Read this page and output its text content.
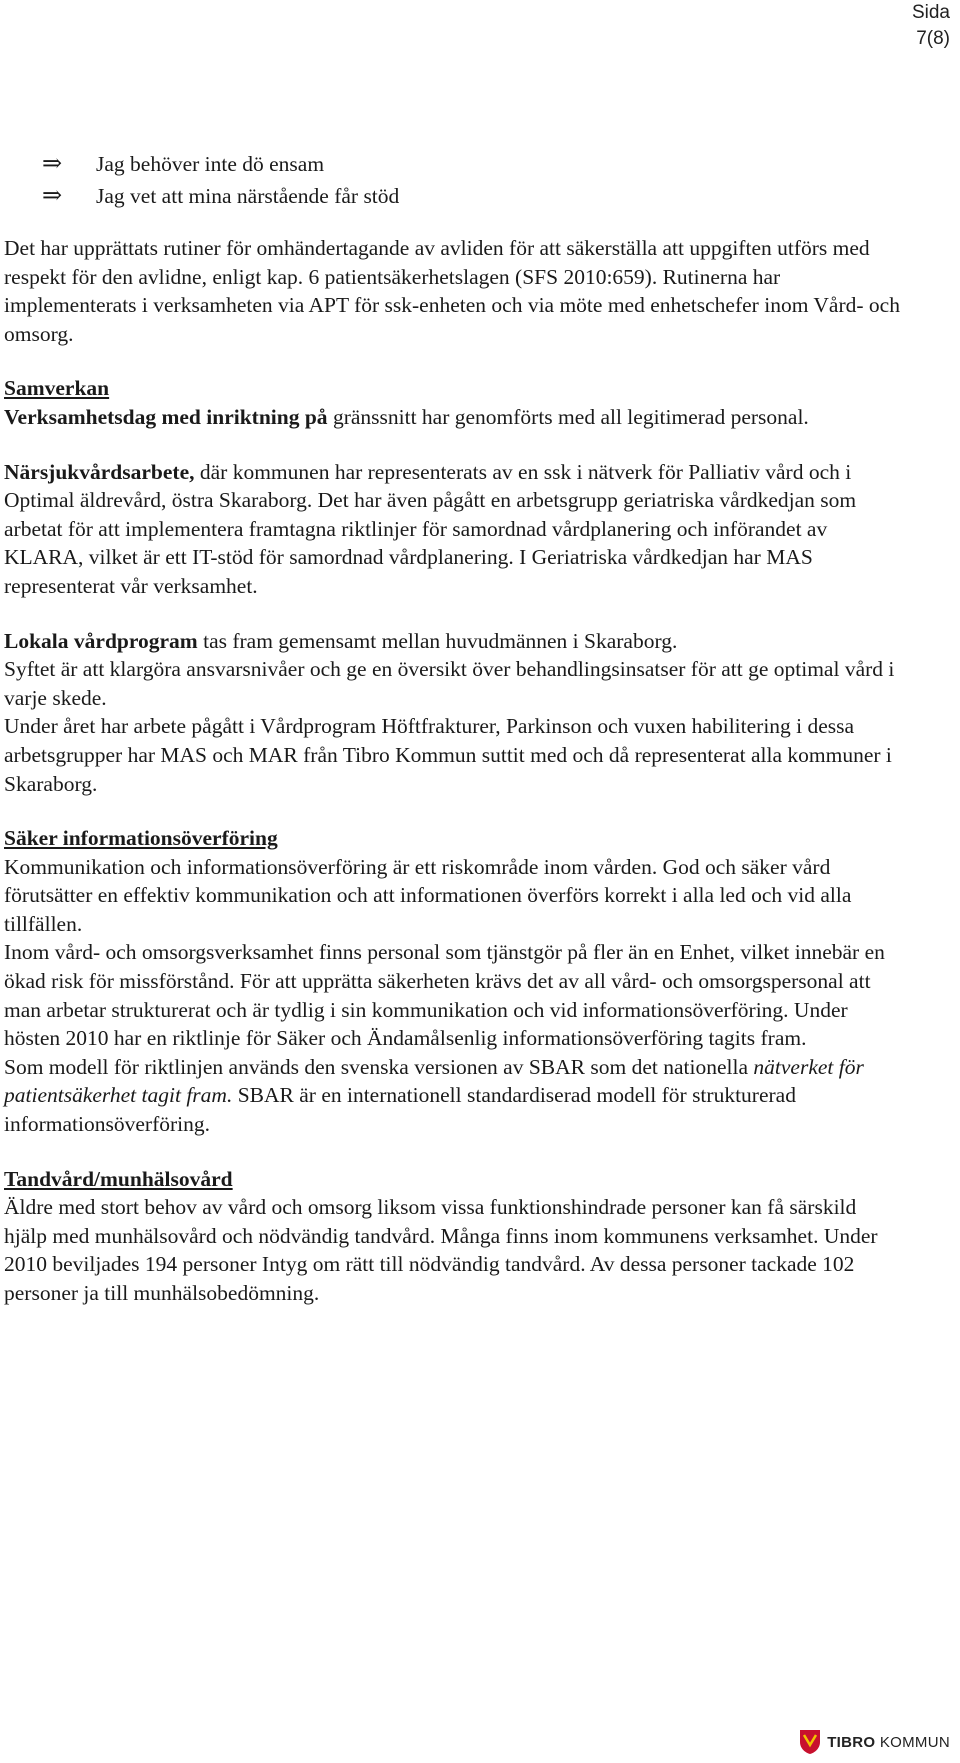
Sida
7(8)
⇒	Jag behöver inte dö ensam
⇒	Jag vet att mina närstående får stöd

Det har upprättats rutiner för omhändertagande av avliden för att säkerställa att uppgiften utförs med respekt för den avlidne, enligt kap. 6 patientsäkerhetslagen (SFS 2010:659). Rutinerna har implementerats i verksamheten via APT för ssk-enheten och via möte med enhetschefer inom Vård- och omsorg.

Samverkan
Verksamhetsdag med inriktning på gränssnitt har genomförts med all legitimerad personal.

Närsjukvårdsarbete, där kommunen har representerats av en ssk i nätverk för Palliativ vård och i Optimal äldrevård, östra Skaraborg. Det har även pågått en arbetsgrupp geriatriska vårdkedjan som arbetat för att implementera framtagna riktlinjer för samordnad vårdplanering och införandet av KLARA, vilket är ett IT-stöd för samordnad vårdplanering. I Geriatriska vårdkedjan har MAS representerat vår verksamhet.

Lokala vårdprogram tas fram gemensamt mellan huvudmännen i Skaraborg.

Syftet är att klargöra ansvarsnivåer och ge en översikt över behandlingsinsatser för att ge optimal vård i varje skede.

Under året har arbete pågått i Vårdprogram Höftfrakturer, Parkinson och vuxen habilitering i dessa arbetsgrupper har MAS och MAR från Tibro Kommun suttit med och då representerat alla kommuner i Skaraborg.

Säker informationsöverföring

Kommunikation och informationsöverföring är ett riskområde inom vården. God och säker vård förutsätter en effektiv kommunikation och att informationen överförs korrekt i alla led och vid alla tillfällen.

Inom vård- och omsorgsverksamhet finns personal som tjänstgör på fler än en Enhet, vilket innebär en ökad risk för missförstånd. För att upprätta säkerheten krävs det av all vård- och omsorgspersonal att man arbetar strukturerat och är tydlig i sin kommunikation och vid informationsöverföring. Under hösten 2010 har en riktlinje för Säker och Ändamålsenlig informationsöverföring tagits fram.

Som modell för riktlinjen används den svenska versionen av SBAR som det nationella nätverket för patientsäkerhet tagit fram. SBAR är en internationell standardiserad modell för strukturerad informationsöverföring.

Tandvård/munhälsovård

Äldre med stort behov av vård och omsorg liksom vissa funktionshindrade personer kan få särskild hjälp med munhälsovård och nödvändig tandvård. Många finns inom kommunens verksamhet. Under 2010 beviljades 194 personer Intyg om rätt till nödvändig tandvård. Av dessa personer tackade 102 personer ja till munhälsobedömning.

TIBRO KOMMUN
